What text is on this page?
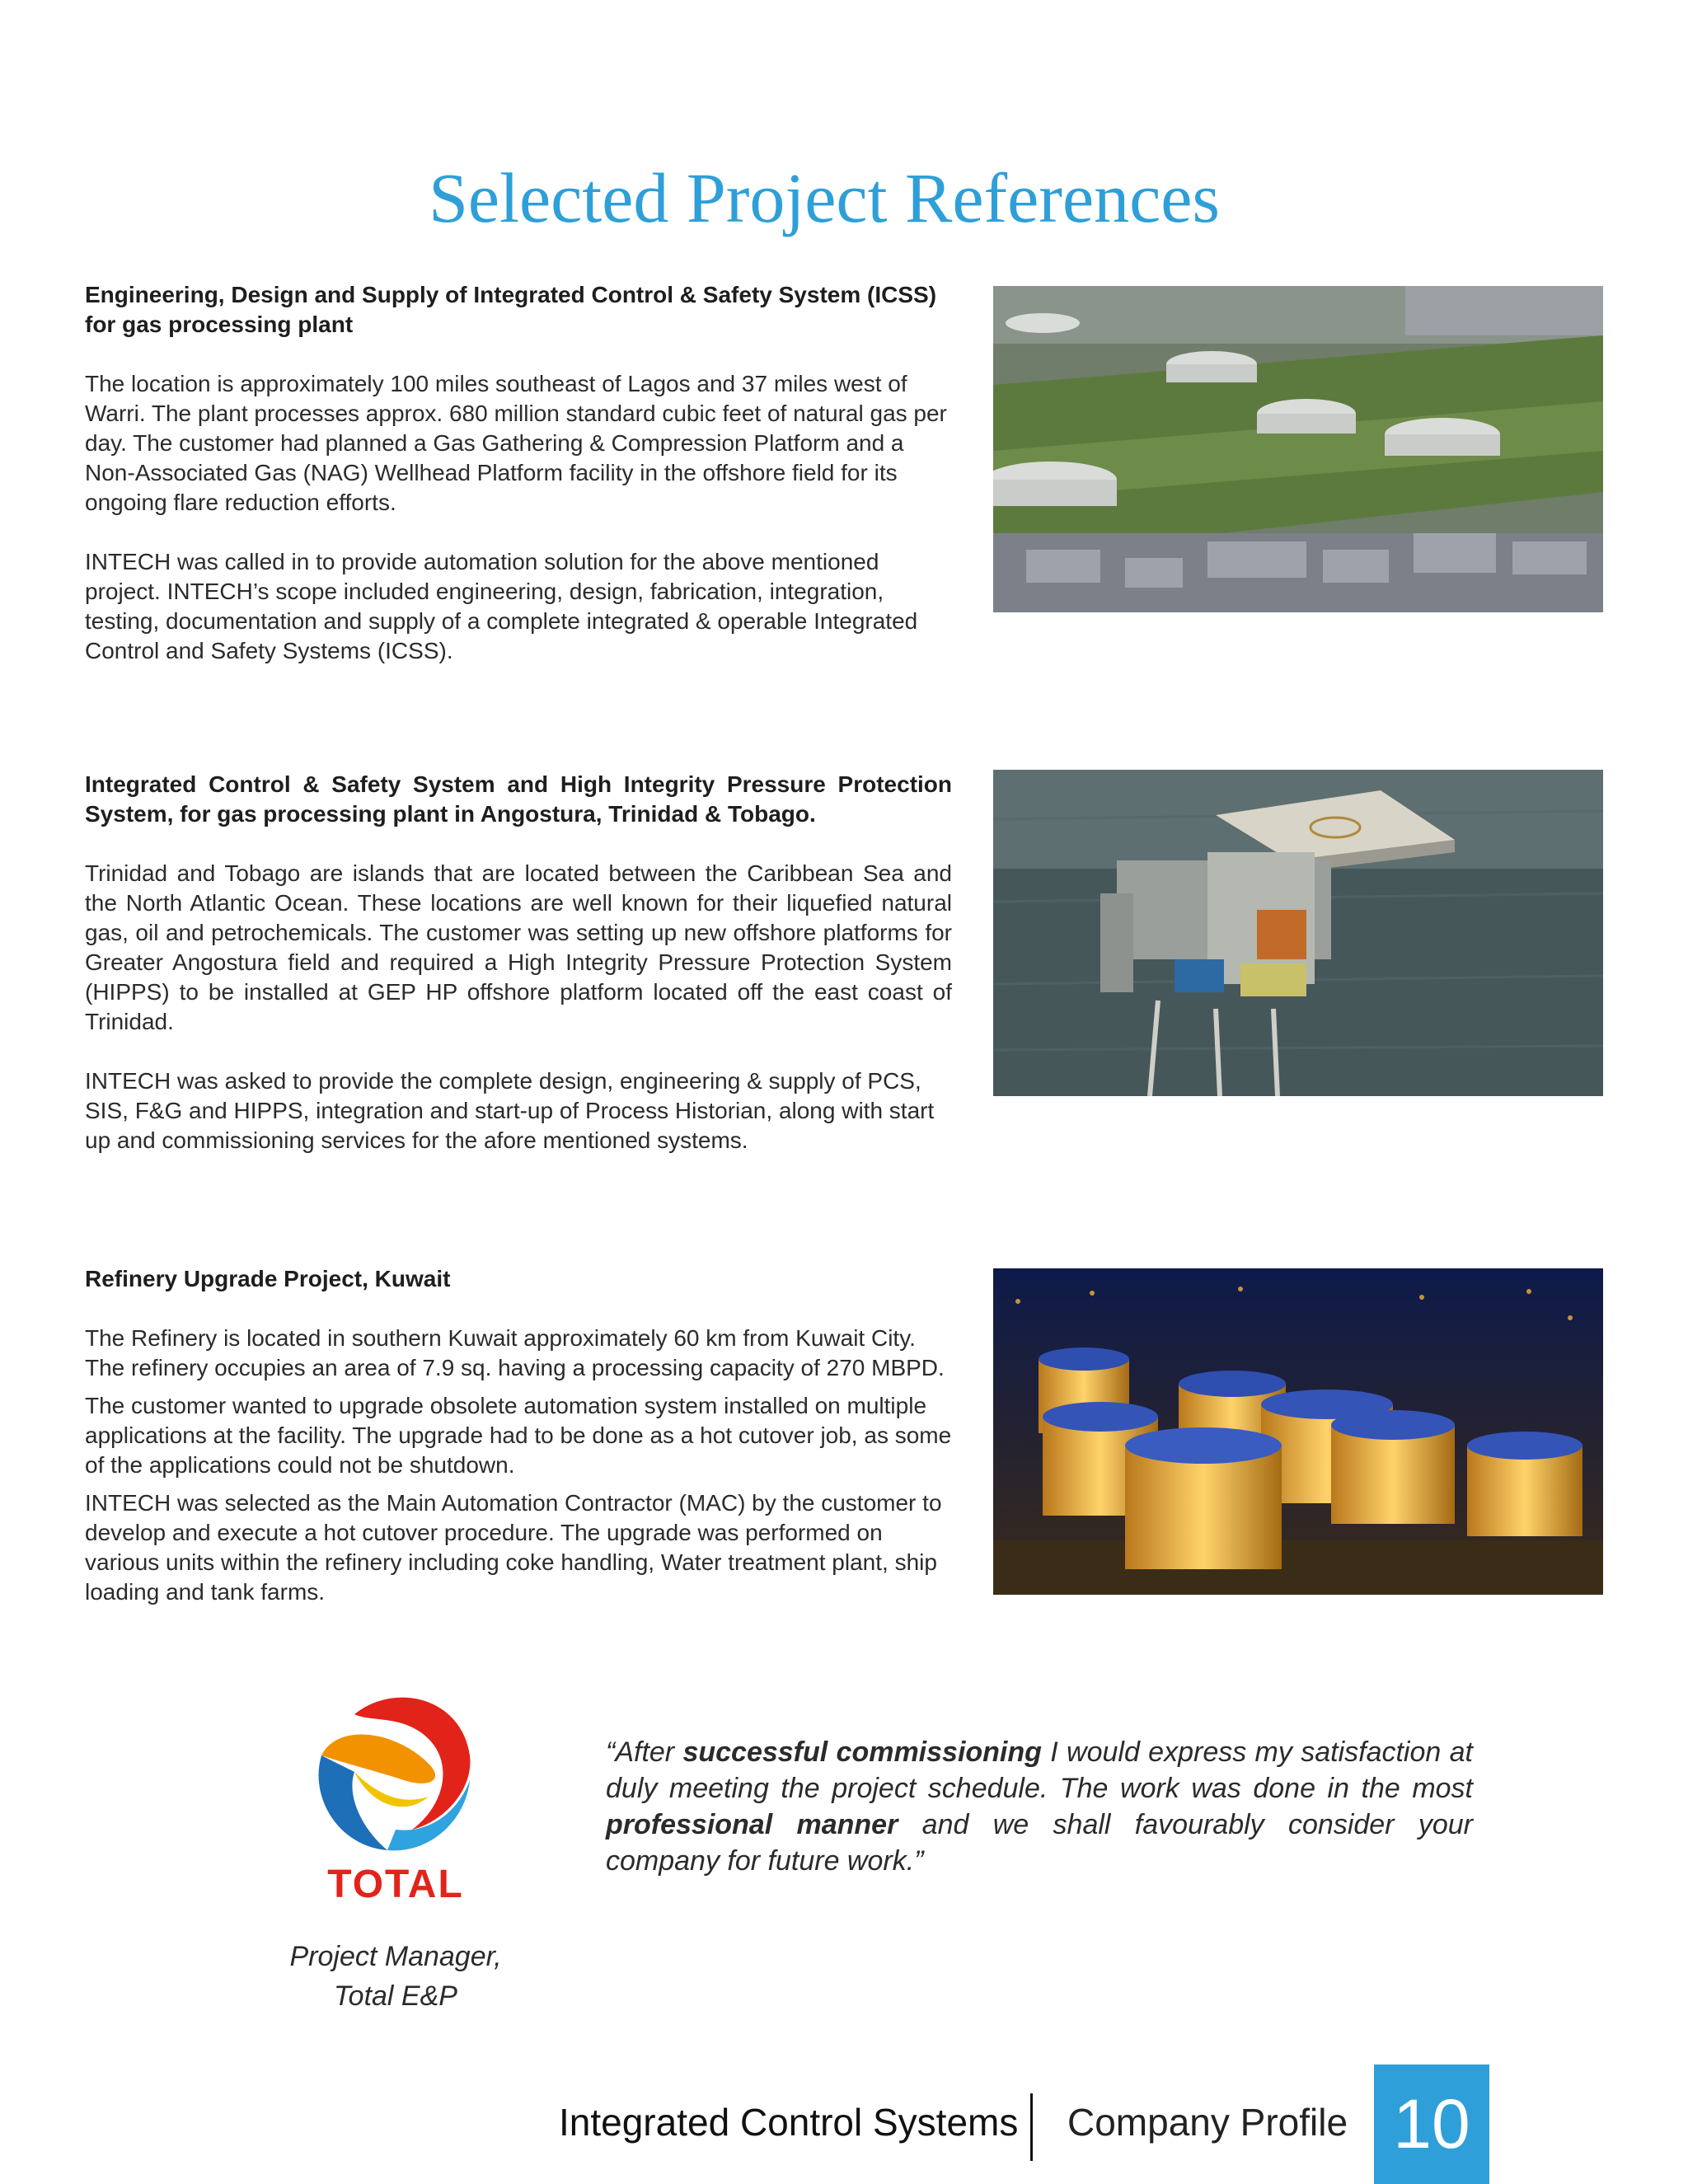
Selected Project References

Engineering, Design and Supply of Integrated Control & Safety System (ICSS) for gas processing plant

The location is approximately 100 miles southeast of Lagos and 37 miles west of Warri. The plant processes approx. 680 million standard cubic feet of natural gas per day. The customer had planned a Gas Gathering & Compression Platform and a Non-Associated Gas (NAG) Wellhead Platform facility in the offshore field for its ongoing flare reduction efforts.

INTECH was called in to provide automation solution for the above mentioned project. INTECH’s scope included engineering, design, fabrication, integration, testing, documentation and supply of a complete integrated & operable Integrated Control and Safety Systems (ICSS).

Integrated Control & Safety System and High Integrity Pressure Protection System, for gas processing plant in Angostura, Trinidad & Tobago.

Trinidad and Tobago are islands that are located between the Caribbean Sea and the North Atlantic Ocean. These locations are well known for their liquefied natural gas, oil and petrochemicals. The customer was setting up new offshore platforms for Greater Angostura field and required a High Integrity Pressure Protection System (HIPPS) to be installed at GEP HP offshore platform located off the east coast of Trinidad.

INTECH was asked to provide the complete design, engineering & supply of PCS, SIS, F&G and HIPPS, integration and start-up of Process Historian, along with start up and commissioning services for the afore mentioned systems.

Refinery Upgrade Project, Kuwait

The Refinery is located in southern Kuwait approximately 60 km from Kuwait City. The refinery occupies an area of 7.9 sq. having a processing capacity of 270 MBPD.

The customer wanted to upgrade obsolete automation system installed on multiple applications at the facility. The upgrade had to be done as a hot cutover job, as some of the applications could not be shutdown.

INTECH was selected as the Main Automation Contractor (MAC) by the customer to develop and execute a hot cutover procedure. The upgrade was performed on various units within the refinery including coke handling, Water treatment plant, ship loading and tank farms.

TOTAL
“After successful commissioning I would express my satisfaction at duly meeting the project schedule. The work was done in the most professional manner and we shall favourably consider your company for future work.”
Project Manager,
Total E&P
Integrated Control Systems Company Profile 10
